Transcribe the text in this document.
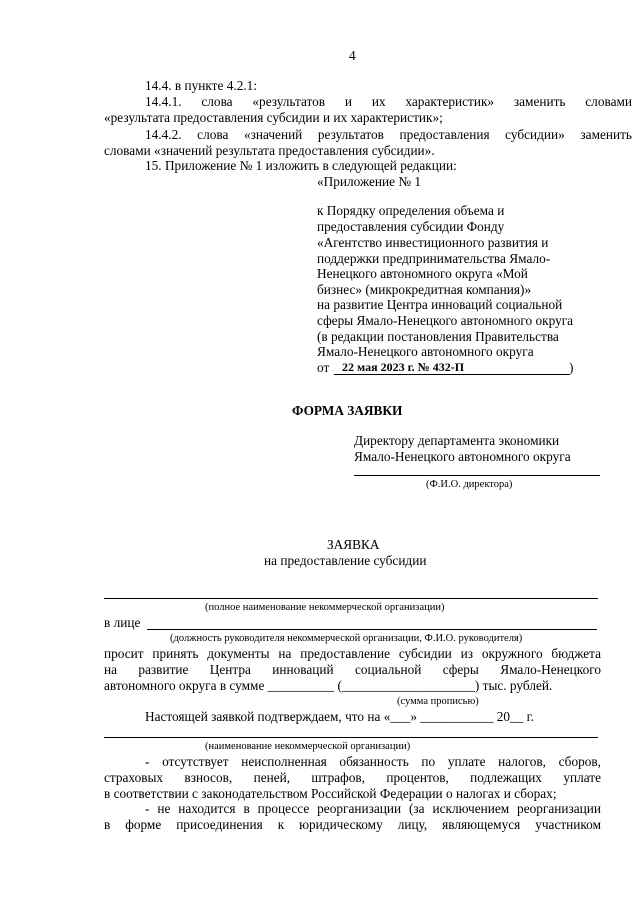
4
14.4. в пункте 4.2.1:
14.4.1. слова «результатов и их характеристик» заменить словами
«результата предоставления субсидии и их характеристик»;
14.4.2. слова «значений результатов предоставления субсидии» заменить
словами «значений результата предоставления субсидии».
15. Приложение № 1 изложить в следующей редакции:
«Приложение № 1
к Порядку определения объема и
предоставления субсидии Фонду
«Агентство инвестиционного развития и
поддержки предпринимательства Ямало-
Ненецкого автономного округа «Мой
бизнес» (микрокредитная компания)»
на развитие Центра инноваций социальной
сферы Ямало-Ненецкого автономного округа
(в редакции постановления Правительства
Ямало-Ненецкого автономного округа
от 22 мая 2023 г. № 432-П	)
ФОРМА ЗАЯВКИ
Директору департамента экономики
Ямало-Ненецкого автономного округа
(Ф.И.О. директора)
ЗАЯВКА
на предоставление субсидии
(полное наименование некоммерческой организации)
в лице
(должность руководителя некоммерческой организации, Ф.И.О. руководителя)
просит принять документы на предоставление субсидии из окружного бюджета
на развитие Центра инноваций социальной сферы Ямало-Ненецкого
автономного округа в сумме __________ (____________________) тыс. рублей.
(сумма прописью)
Настоящей заявкой подтверждаем, что на «___» ___________ 20__ г.
(наименование некоммерческой организации)
- отсутствует неисполненная обязанность по уплате налогов, сборов,
страховых взносов, пеней, штрафов, процентов, подлежащих уплате
в соответствии с законодательством Российской Федерации о налогах и сборах;
- не находится в процессе реорганизации (за исключением реорганизации
в форме присоединения к юридическому лицу, являющемуся участником
